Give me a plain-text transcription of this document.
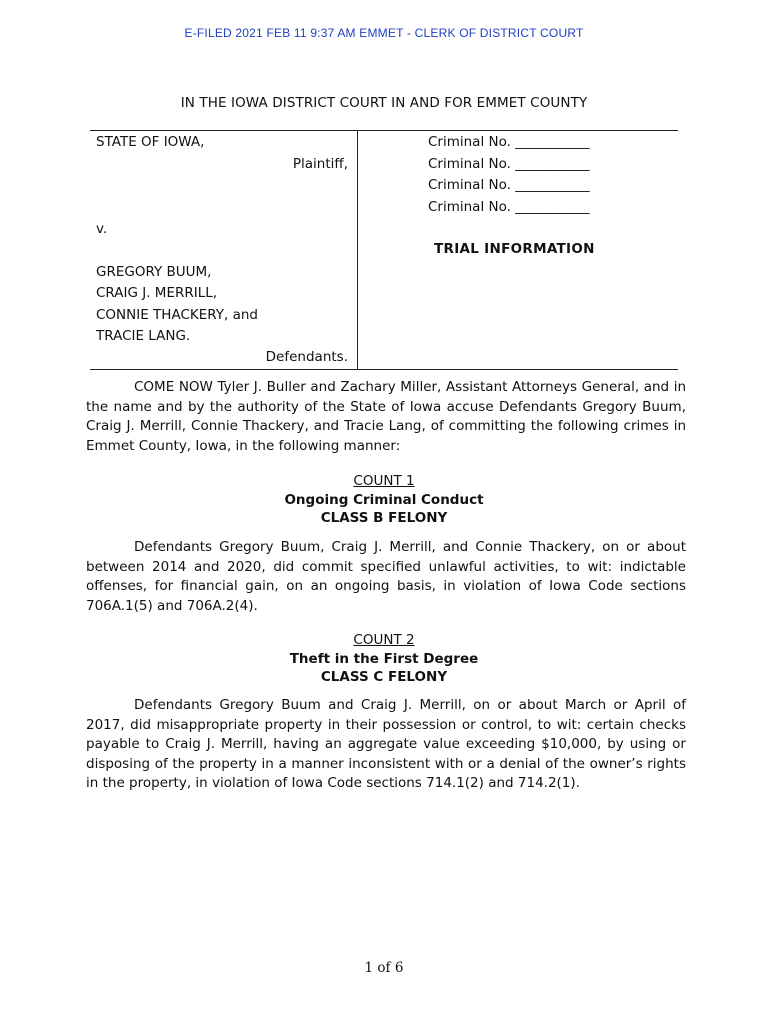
E-FILED 2021 FEB 11 9:37 AM EMMET - CLERK OF DISTRICT COURT
IN THE IOWA DISTRICT COURT IN AND FOR EMMET COUNTY
STATE OF IOWA,
Plaintiff,
v.
GREGORY BUUM,
CRAIG J. MERRILL,
CONNIE THACKERY, and
TRACIE LANG.
Defendants.
Criminal No. ___________
Criminal No. ___________
Criminal No. ___________
Criminal No. ___________
TRIAL INFORMATION
COME NOW Tyler J. Buller and Zachary Miller, Assistant Attorneys General, and in the name and by the authority of the State of Iowa accuse Defendants Gregory Buum, Craig J. Merrill, Connie Thackery, and Tracie Lang, of committing the following crimes in Emmet County, Iowa, in the following manner:
COUNT 1
Ongoing Criminal Conduct
CLASS B FELONY
Defendants Gregory Buum, Craig J. Merrill, and Connie Thackery, on or about between 2014 and 2020, did commit specified unlawful activities, to wit: indictable offenses, for financial gain, on an ongoing basis, in violation of Iowa Code sections 706A.1(5) and 706A.2(4).
COUNT 2
Theft in the First Degree
CLASS C FELONY
Defendants Gregory Buum and Craig J. Merrill, on or about March or April of 2017, did misappropriate property in their possession or control, to wit: certain checks payable to Craig J. Merrill, having an aggregate value exceeding $10,000, by using or disposing of the property in a manner inconsistent with or a denial of the owner’s rights in the property, in violation of Iowa Code sections 714.1(2) and 714.2(1).
1 of 6
